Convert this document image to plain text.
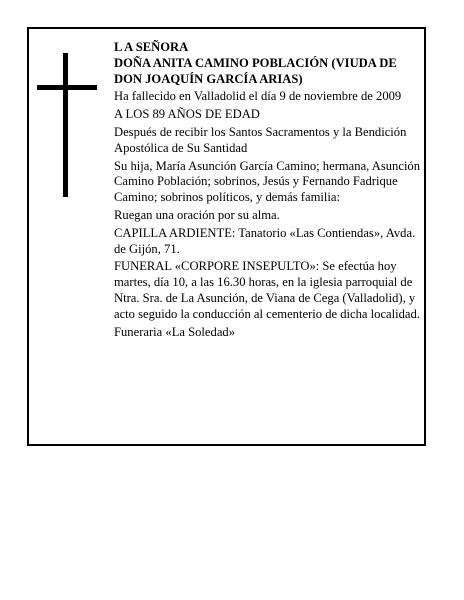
L A SEÑORA

DOÑA ANITA CAMINO POBLACIÓN (VIUDA DE DON JOAQUÍN GARCÍA ARIAS)

Ha fallecido en Valladolid el día 9 de noviembre de 2009

A LOS 89 AÑOS DE EDAD

Después de recibir los Santos Sacramentos y la Bendición Apostólica de Su Santidad

Su hija, María Asunción García Camino; hermana, Asunción Camino Población; sobrinos, Jesús y Fernando Fadrique Camino; sobrinos políticos, y demás familia:

Ruegan una oración por su alma.

CAPILLA ARDIENTE: Tanatorio «Las Contiendas», Avda. de Gijón, 71.

FUNERAL «CORPORE INSEPULTO»: Se efectúa hoy martes, día 10, a las 16.30 horas, en la iglesia parroquial de Ntra. Sra. de La Asunción, de Viana de Cega (Valladolid), y acto seguido la conducción al cementerio de dicha localidad.

Funeraria «La Soledad»
